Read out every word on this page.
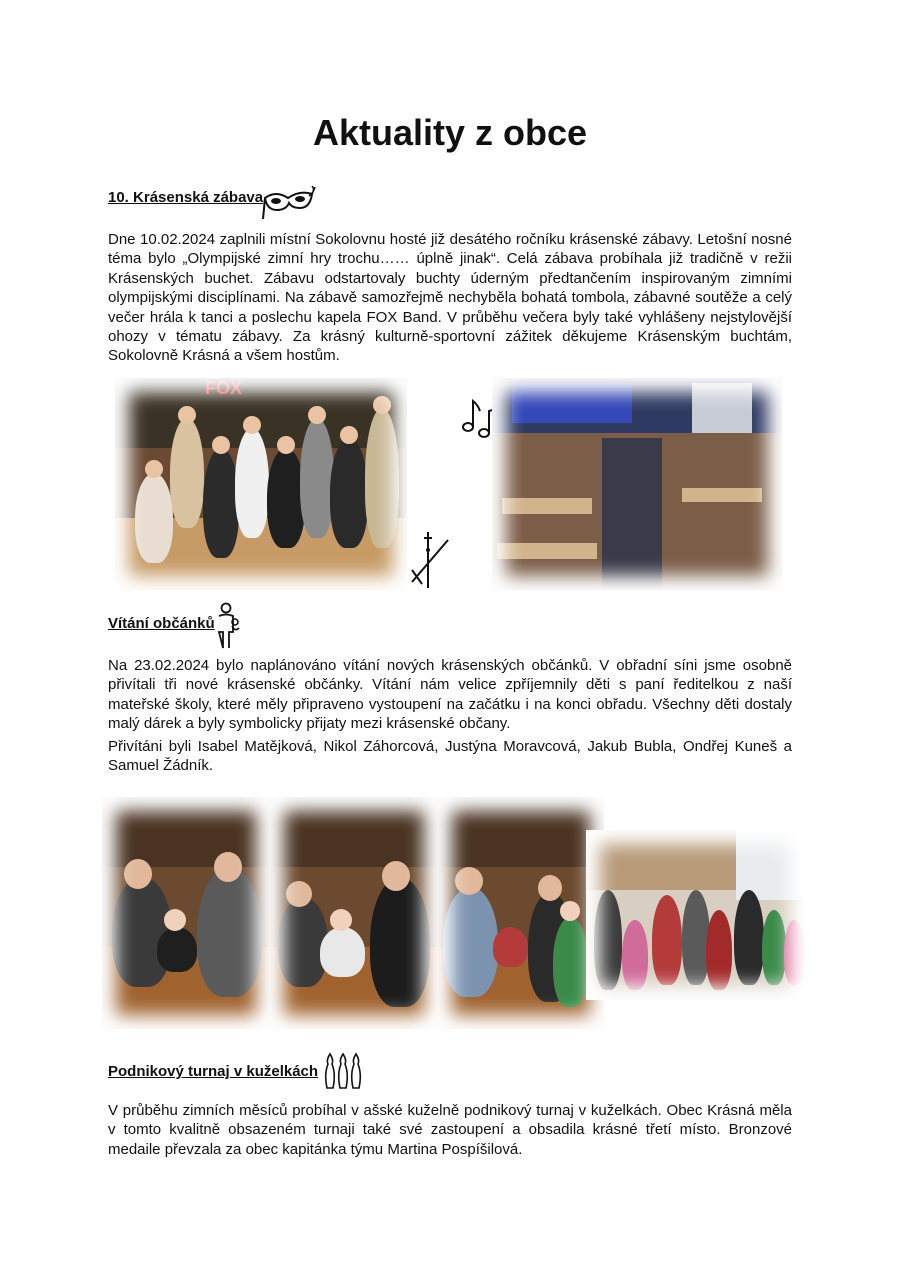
Aktuality z obce
10. Krásenská zábava

Dne 10.02.2024 zaplnili místní Sokolovnu hosté již desátého ročníku krásenské zábavy. Letošní nosné téma bylo „Olympijské zimní hry trochu…… úplně jinak“. Celá zábava probíhala již tradičně v režii Krásenských buchet. Zábavu odstartovaly buchty úderným předtančením inspirovaným zimními olympijskými disciplínami. Na zábavě samozřejmě nechyběla bohatá tombola, zábavné soutěže a celý večer hrála k tanci a poslechu kapela FOX Band. V průběhu večera byly také vyhlášeny nejstylovější ohozy v tématu zábavy. Za krásný kulturně-sportovní zážitek děkujeme Krásenským buchtám, Sokolovně Krásná a všem hostům.

FOX
Vítání občánků

Na 23.02.2024 bylo naplánováno vítání nových krásenských občánků. V obřadní síni jsme osobně přivítali tři nové krásenské občánky. Vítání nám velice zpříjemnily děti s paní ředitelkou z naší mateřské školy, které měly připraveno vystoupení na začátku i na konci obřadu. Všechny děti dostaly malý dárek a byly symbolicky přijaty mezi krásenské občany.

Přivítáni byli Isabel Matějková, Nikol Záhorcová, Justýna Moravcová, Jakub Bubla, Ondřej Kuneš a Samuel Žádník.

Podnikový turnaj v kuželkách

V průběhu zimních měsíců probíhal v ašské kuželně podnikový turnaj v kuželkách. Obec Krásná měla v tomto kvalitně obsazeném turnaji také své zastoupení a obsadila krásné třetí místo. Bronzové medaile převzala za obec kapitánka týmu Martina Pospíšilová.
